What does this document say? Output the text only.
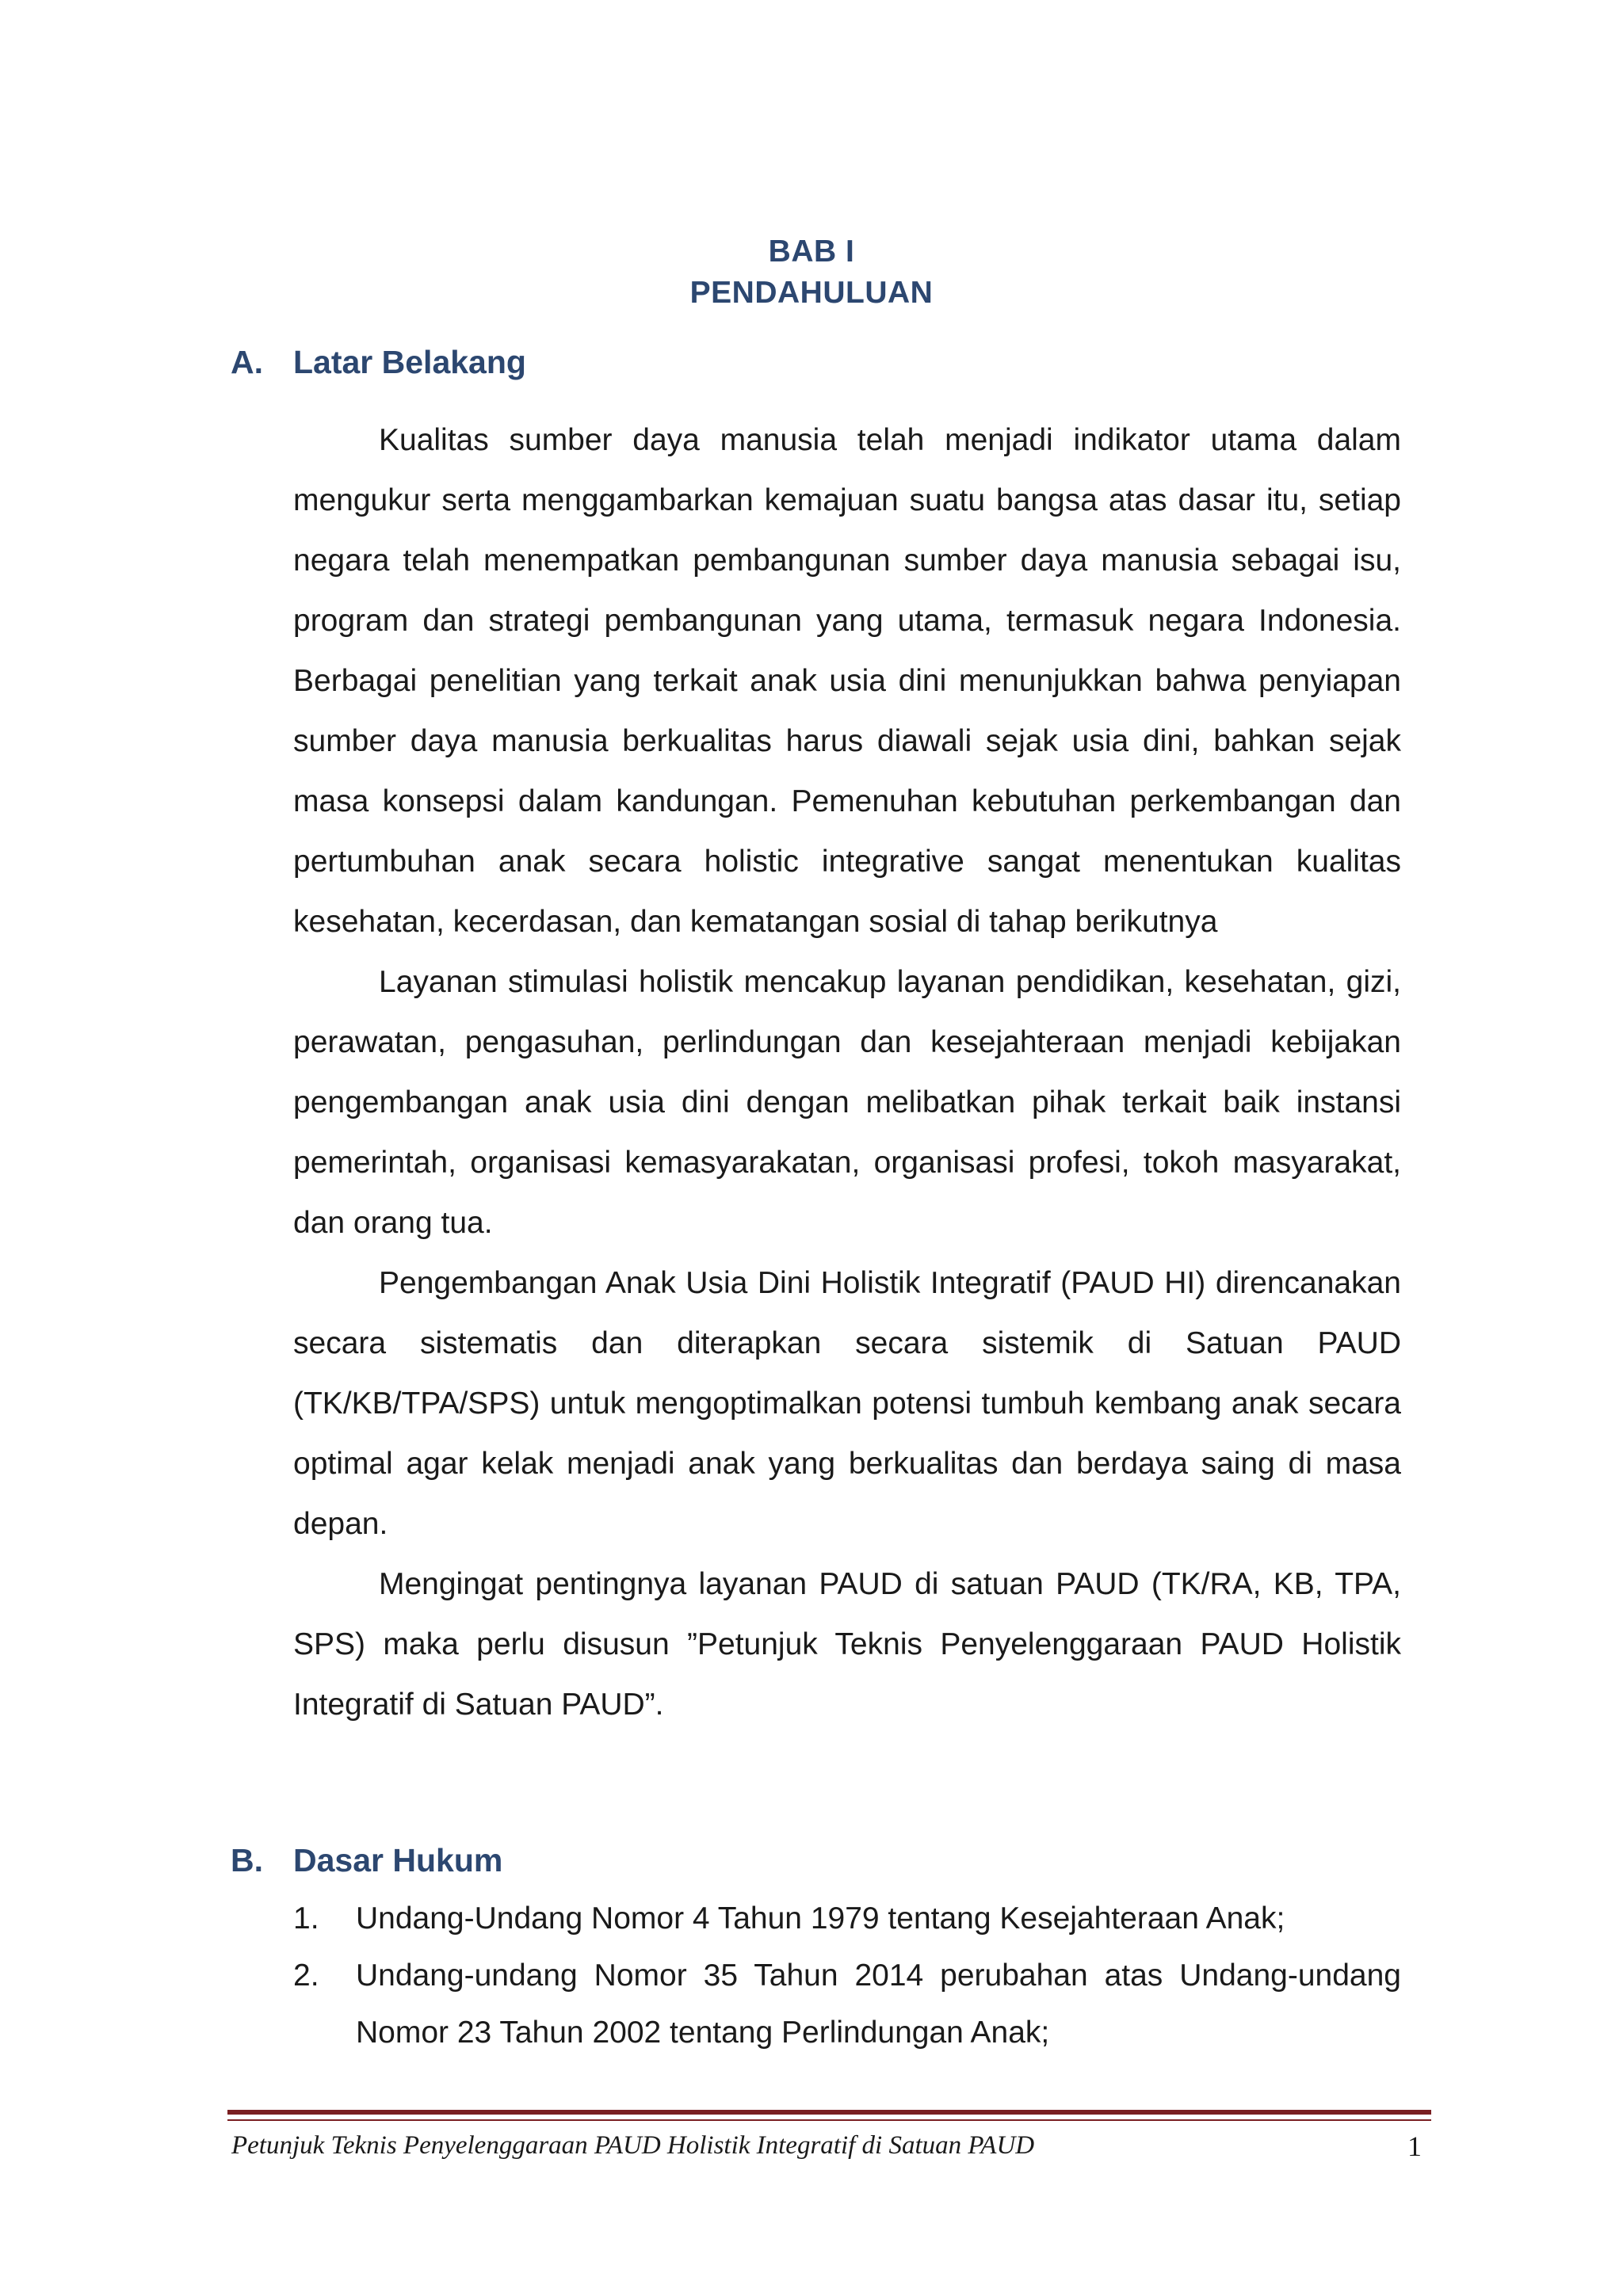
BAB I
PENDAHULUAN
A. Latar Belakang

Kualitas sumber daya manusia telah menjadi indikator utama dalam mengukur serta menggambarkan kemajuan suatu bangsa atas dasar itu, setiap negara telah menempatkan pembangunan sumber daya manusia sebagai isu, program dan strategi pembangunan yang utama, termasuk negara Indonesia. Berbagai penelitian yang terkait anak usia dini menunjukkan bahwa penyiapan sumber daya manusia berkualitas harus diawali sejak usia dini, bahkan sejak masa konsepsi dalam kandungan. Pemenuhan kebutuhan perkembangan dan pertumbuhan anak secara holistic integrative sangat menentukan kualitas kesehatan, kecerdasan, dan kematangan sosial di tahap berikutnya

Layanan stimulasi holistik mencakup layanan pendidikan, kesehatan, gizi, perawatan, pengasuhan, perlindungan dan kesejahteraan menjadi kebijakan pengembangan anak usia dini dengan melibatkan pihak terkait baik instansi pemerintah, organisasi kemasyarakatan, organisasi profesi, tokoh masyarakat, dan orang tua.

Pengembangan Anak Usia Dini Holistik Integratif (PAUD HI) direncanakan secara sistematis dan diterapkan secara sistemik di Satuan PAUD (TK/KB/TPA/SPS) untuk mengoptimalkan potensi tumbuh kembang anak secara optimal agar kelak menjadi anak yang berkualitas dan berdaya saing di masa depan.

Mengingat pentingnya layanan PAUD di satuan PAUD (TK/RA, KB, TPA, SPS) maka perlu disusun ”Petunjuk Teknis Penyelenggaraan PAUD Holistik Integratif di Satuan PAUD”.

B. Dasar Hukum
1. Undang-Undang Nomor 4 Tahun 1979 tentang Kesejahteraan Anak;
2. Undang-undang Nomor 35 Tahun 2014 perubahan atas Undang-undang Nomor 23 Tahun 2002 tentang Perlindungan Anak;
Petunjuk Teknis Penyelenggaraan PAUD Holistik Integratif di Satuan PAUD	1
